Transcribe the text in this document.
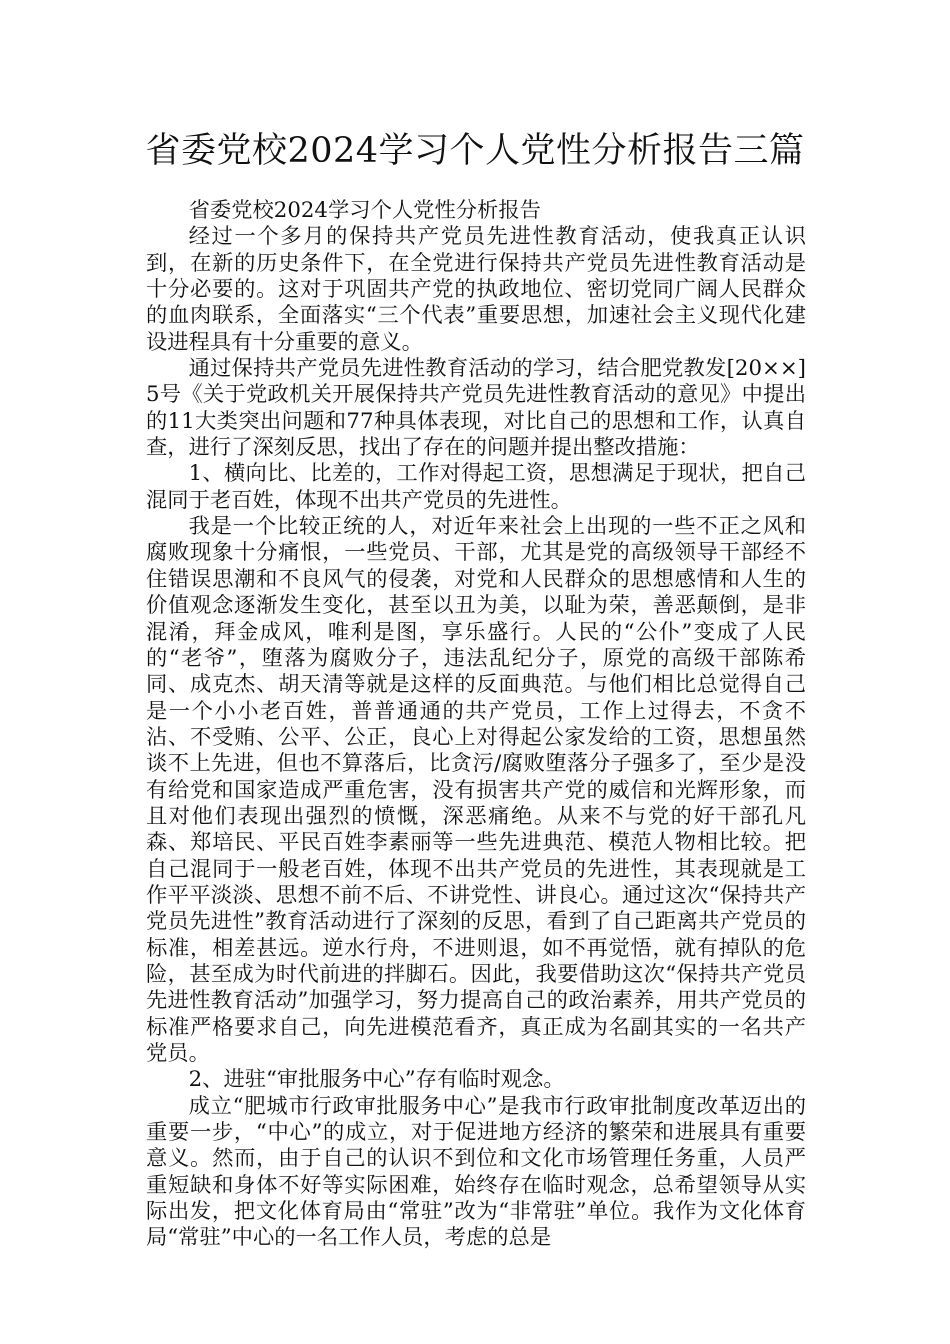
省委党校2024学习个人党性分析报告三篇

省委党校2024学习个人党性分析报告

经过一个多月的保持共产党员先进性教育活动，使我真正认识到，在新的历史条件下，在全党进行保持共产党员先进性教育活动是十分必要的。这对于巩固共产党的执政地位、密切党同广阔人民群众的血肉联系，全面落实“三个代表”重要思想，加速社会主义现代化建设进程具有十分重要的意义。

通过保持共产党员先进性教育活动的学习，结合肥党教发[20××]5号《关于党政机关开展保持共产党员先进性教育活动的意见》中提出的11大类突出问题和77种具体表现，对比自己的思想和工作，认真自查，进行了深刻反思，找出了存在的问题并提出整改措施：

1、横向比、比差的，工作对得起工资，思想满足于现状，把自己混同于老百姓，体现不出共产党员的先进性。

我是一个比较正统的人，对近年来社会上出现的一些不正之风和腐败现象十分痛恨，一些党员、干部，尤其是党的高级领导干部经不住错误思潮和不良风气的侵袭，对党和人民群众的思想感情和人生的价值观念逐渐发生变化，甚至以丑为美，以耻为荣，善恶颠倒，是非混淆，拜金成风，唯利是图，享乐盛行。人民的“公仆”变成了人民的“老爷”，堕落为腐败分子，违法乱纪分子，原党的高级干部陈希同、成克杰、胡天清等就是这样的反面典范。与他们相比总觉得自己是一个小小老百姓，普普通通的共产党员，工作上过得去，不贪不沾、不受贿、公平、公正，良心上对得起公家发给的工资，思想虽然谈不上先进，但也不算落后，比贪污/腐败堕落分子强多了，至少是没有给党和国家造成严重危害，没有损害共产党的威信和光辉形象，而且对他们表现出强烈的愤慨，深恶痛绝。从来不与党的好干部孔凡森、郑培民、平民百姓李素丽等一些先进典范、模范人物相比较。把自己混同于一般老百姓，体现不出共产党员的先进性，其表现就是工作平平淡淡、思想不前不后、不讲党性、讲良心。通过这次“保持共产党员先进性”教育活动进行了深刻的反思，看到了自己距离共产党员的标准，相差甚远。逆水行舟，不进则退，如不再觉悟，就有掉队的危险，甚至成为时代前进的拌脚石。因此，我要借助这次“保持共产党员先进性教育活动”加强学习，努力提高自己的政治素养，用共产党员的标准严格要求自己，向先进模范看齐，真正成为名副其实的一名共产党员。

2、进驻“审批服务中心”存有临时观念。

成立“肥城市行政审批服务中心”是我市行政审批制度改革迈出的重要一步，“中心”的成立，对于促进地方经济的繁荣和进展具有重要意义。然而，由于自己的认识不到位和文化市场管理任务重，人员严重短缺和身体不好等实际困难，始终存在临时观念，总希望领导从实际出发，把文化体育局由“常驻”改为“非常驻”单位。我作为文化体育局“常驻”中心的一名工作人员，考虑的总是
